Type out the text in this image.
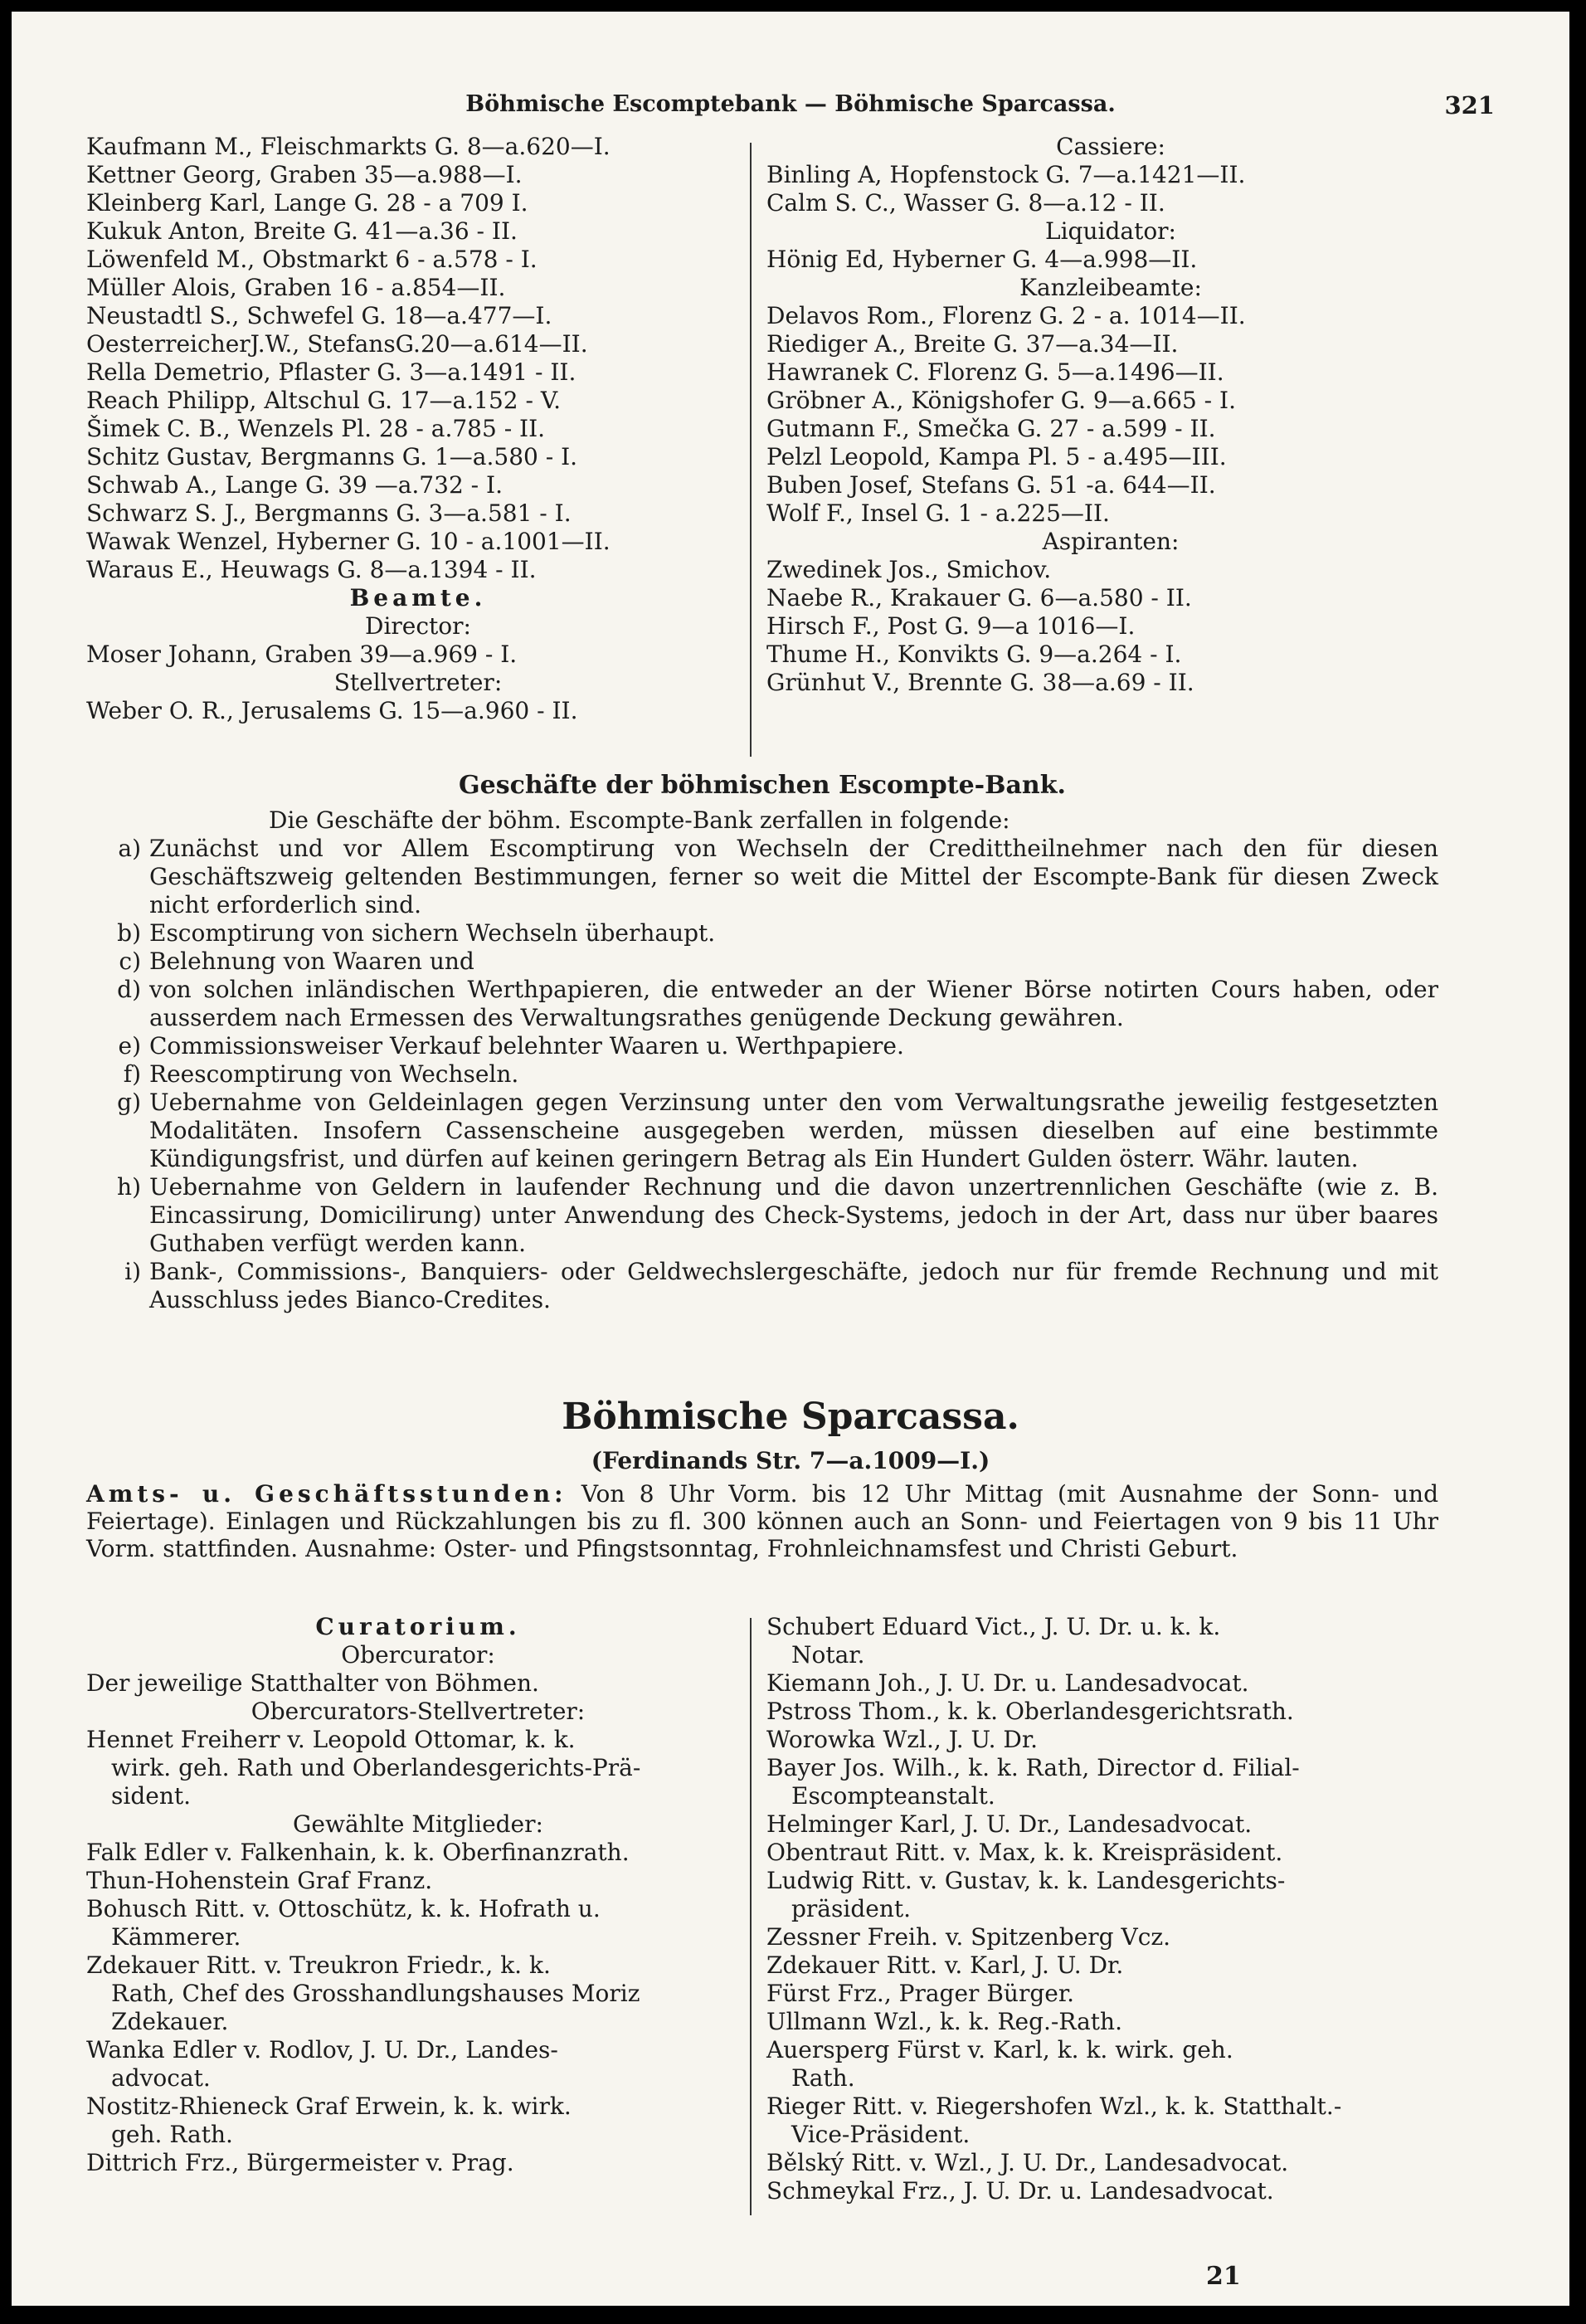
Böhmische Escomptebank — Böhmische Sparcassa.	321
Kaufmann M., Fleischmarkts G. 8—a.620—I.
Kettner Georg, Graben 35—a.988—I.
Kleinberg Karl, Lange G. 28 - a 709 I.
Kukuk Anton, Breite G. 41—a.36 - II.
Löwenfeld M., Obstmarkt 6 - a.578 - I.
Müller Alois, Graben 16 - a.854—II.
Neustadtl S., Schwefel G. 18—a.477—I.
OesterreicherJ.W., StefansG.20—a.614—II.
Rella Demetrio, Pflaster G. 3—a.1491 - II.
Reach Philipp, Altschul G. 17—a.152 - V.
Šimek C. B., Wenzels Pl. 28 - a.785 - II.
Schitz Gustav, Bergmanns G. 1—a.580 - I.
Schwab A., Lange G. 39 —a.732 - I.
Schwarz S. J., Bergmanns G. 3—a.581 - I.
Wawak Wenzel, Hyberner G. 10 - a.1001—II.
Waraus E., Heuwags G. 8—a.1394 - II.
Beamte.
Director:
Moser Johann, Graben 39—a.969 - I.
Stellvertreter:
Weber O. R., Jerusalems G. 15—a.960 - II.
Cassiere:
Binling A, Hopfenstock G. 7—a.1421—II.
Calm S. C., Wasser G. 8—a.12 - II.
Liquidator:
Hönig Ed, Hyberner G. 4—a.998—II.
Kanzleibeamte:
Delavos Rom., Florenz G. 2 - a. 1014—II.
Riediger A., Breite G. 37—a.34—II.
Hawranek C. Florenz G. 5—a.1496—II.
Gröbner A., Königshofer G. 9—a.665 - I.
Gutmann F., Smečka G. 27 - a.599 - II.
Pelzl Leopold, Kampa Pl. 5 - a.495—III.
Buben Josef, Stefans G. 51 -a. 644—II.
Wolf F., Insel G. 1 - a.225—II.
Aspiranten:
Zwedinek Jos., Smichov.
Naebe R., Krakauer G. 6—a.580 - II.
Hirsch F., Post G. 9—a 1016—I.
Thume H., Konvikts G. 9—a.264 - I.
Grünhut V., Brennte G. 38—a.69 - II.
Geschäfte der böhmischen Escompte-Bank.
Die Geschäfte der böhm. Escompte-Bank zerfallen in folgende:
a) Zunächst und vor Allem Escomptirung von Wechseln der Credittheilnehmer nach den für diesen Geschäftszweig geltenden Bestimmungen, ferner so weit die Mittel der Escompte-Bank für diesen Zweck nicht erforderlich sind.
b) Escomptirung von sichern Wechseln überhaupt.
c) Belehnung von Waaren und
d) von solchen inländischen Werthpapieren, die entweder an der Wiener Börse notirten Cours haben, oder ausserdem nach Ermessen des Verwaltungsrathes genügende Deckung gewähren.
e) Commissionsweiser Verkauf belehnter Waaren u. Werthpapiere.
f) Reescomptirung von Wechseln.
g) Uebernahme von Geldeinlagen gegen Verzinsung unter den vom Verwaltungsrathe jeweilig festgesetzten Modalitäten. Insofern Cassenscheine ausgegeben werden, müssen dieselben auf eine bestimmte Kündigungsfrist, und dürfen auf keinen geringern Betrag als Ein Hundert Gulden österr. Währ. lauten.
h) Uebernahme von Geldern in laufender Rechnung und die davon unzertrennlichen Geschäfte (wie z. B. Eincassirung, Domicilirung) unter Anwendung des Check-Systems, jedoch in der Art, dass nur über baares Guthaben verfügt werden kann.
i) Bank-, Commissions-, Banquiers- oder Geldwechslergeschäfte, jedoch nur für fremde Rechnung und mit Ausschluss jedes Bianco-Credites.
Böhmische Sparcassa.
(Ferdinands Str. 7—a.1009—I.)
Amts- u. Geschäftsstunden: Von 8 Uhr Vorm. bis 12 Uhr Mittag (mit Ausnahme der Sonn- und Feiertage). Einlagen und Rückzahlungen bis zu fl. 300 können auch an Sonn- und Feiertagen von 9 bis 11 Uhr Vorm. stattfinden. Ausnahme: Oster- und Pfingstsonntag, Frohnleichnamsfest und Christi Geburt.
Curatorium.
Obercurator:
Der jeweilige Statthalter von Böhmen.
Obercurators-Stellvertreter:
Hennet Freiherr v. Leopold Ottomar, k. k.
wirk. geh. Rath und Oberlandesgerichts-Prä-
sident.
Gewählte Mitglieder:
Falk Edler v. Falkenhain, k. k. Oberfinanzrath.
Thun-Hohenstein Graf Franz.
Bohusch Ritt. v. Ottoschütz, k. k. Hofrath u.
Kämmerer.
Zdekauer Ritt. v. Treukron Friedr., k. k.
Rath, Chef des Grosshandlungshauses Moriz
Zdekauer.
Wanka Edler v. Rodlov, J. U. Dr., Landes-
advocat.
Nostitz-Rhieneck Graf Erwein, k. k. wirk.
geh. Rath.
Dittrich Frz., Bürgermeister v. Prag.
Schubert Eduard Vict., J. U. Dr. u. k. k.
Notar.
Kiemann Joh., J. U. Dr. u. Landesadvocat.
Pstross Thom., k. k. Oberlandesgerichtsrath.
Worowka Wzl., J. U. Dr.
Bayer Jos. Wilh., k. k. Rath, Director d. Filial-
Escompteanstalt.
Helminger Karl, J. U. Dr., Landesadvocat.
Obentraut Ritt. v. Max, k. k. Kreispräsident.
Ludwig Ritt. v. Gustav, k. k. Landesgerichts-
präsident.
Zessner Freih. v. Spitzenberg Vcz.
Zdekauer Ritt. v. Karl, J. U. Dr.
Fürst Frz., Prager Bürger.
Ullmann Wzl., k. k. Reg.-Rath.
Auersperg Fürst v. Karl, k. k. wirk. geh.
Rath.
Rieger Ritt. v. Riegershofen Wzl., k. k. Statthalt.-
Vice-Präsident.
Bělský Ritt. v. Wzl., J. U. Dr., Landesadvocat.
Schmeykal Frz., J. U. Dr. u. Landesadvocat.
21
